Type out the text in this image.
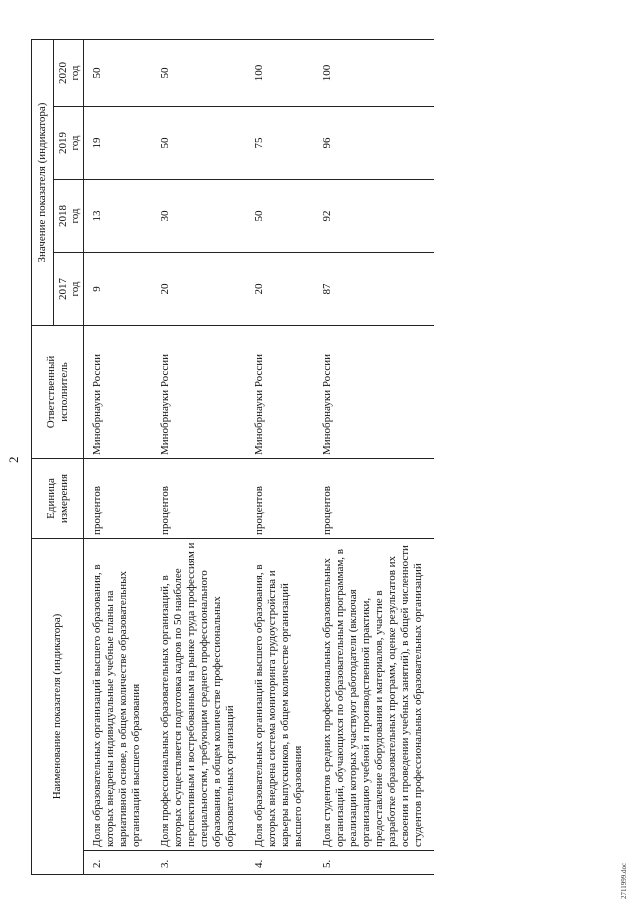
2
Наименование показателя (индикатора)		Единица измерения	Ответственный исполнитель	Значение показателя (индикатора)			

				2017 год	2018 год	2019 год	2020 год

2.	Доля образовательных организаций высшего образования, в которых внедрены индивидуальные учебные планы на вариативной основе, в общем количестве образовательных организаций высшего образования	процентов	Минобрнауки России	9	13	19	50
3.	Доля профессиональных образовательных организаций, в которых осуществляется подготовка кадров по 50 наиболее перспективным и востребованным на рынке труда профессиям и специальностям, требующим среднего профессионального образования, в общем количестве профессиональных образовательных организаций	процентов	Минобрнауки России	20	30	50	50
4.	Доля образовательных организаций высшего образования, в которых внедрена система мониторинга трудоустройства и карьеры выпускников, в общем количестве организаций высшего образования	процентов	Минобрнауки России	20	50	75	100
5.	Доля студентов средних профессиональных образовательных организаций, обучающихся по образовательным программам, в реализации которых участвуют работодатели (включая организацию учебной и производственной практики, предоставление оборудования и материалов, участие в разработке образовательных программ, оценке результатов их освоения и проведении учебных занятий), в общей численности студентов профессиональных образовательных организаций	процентов	Минобрнауки России	87	92	96	100
2711999.doc
